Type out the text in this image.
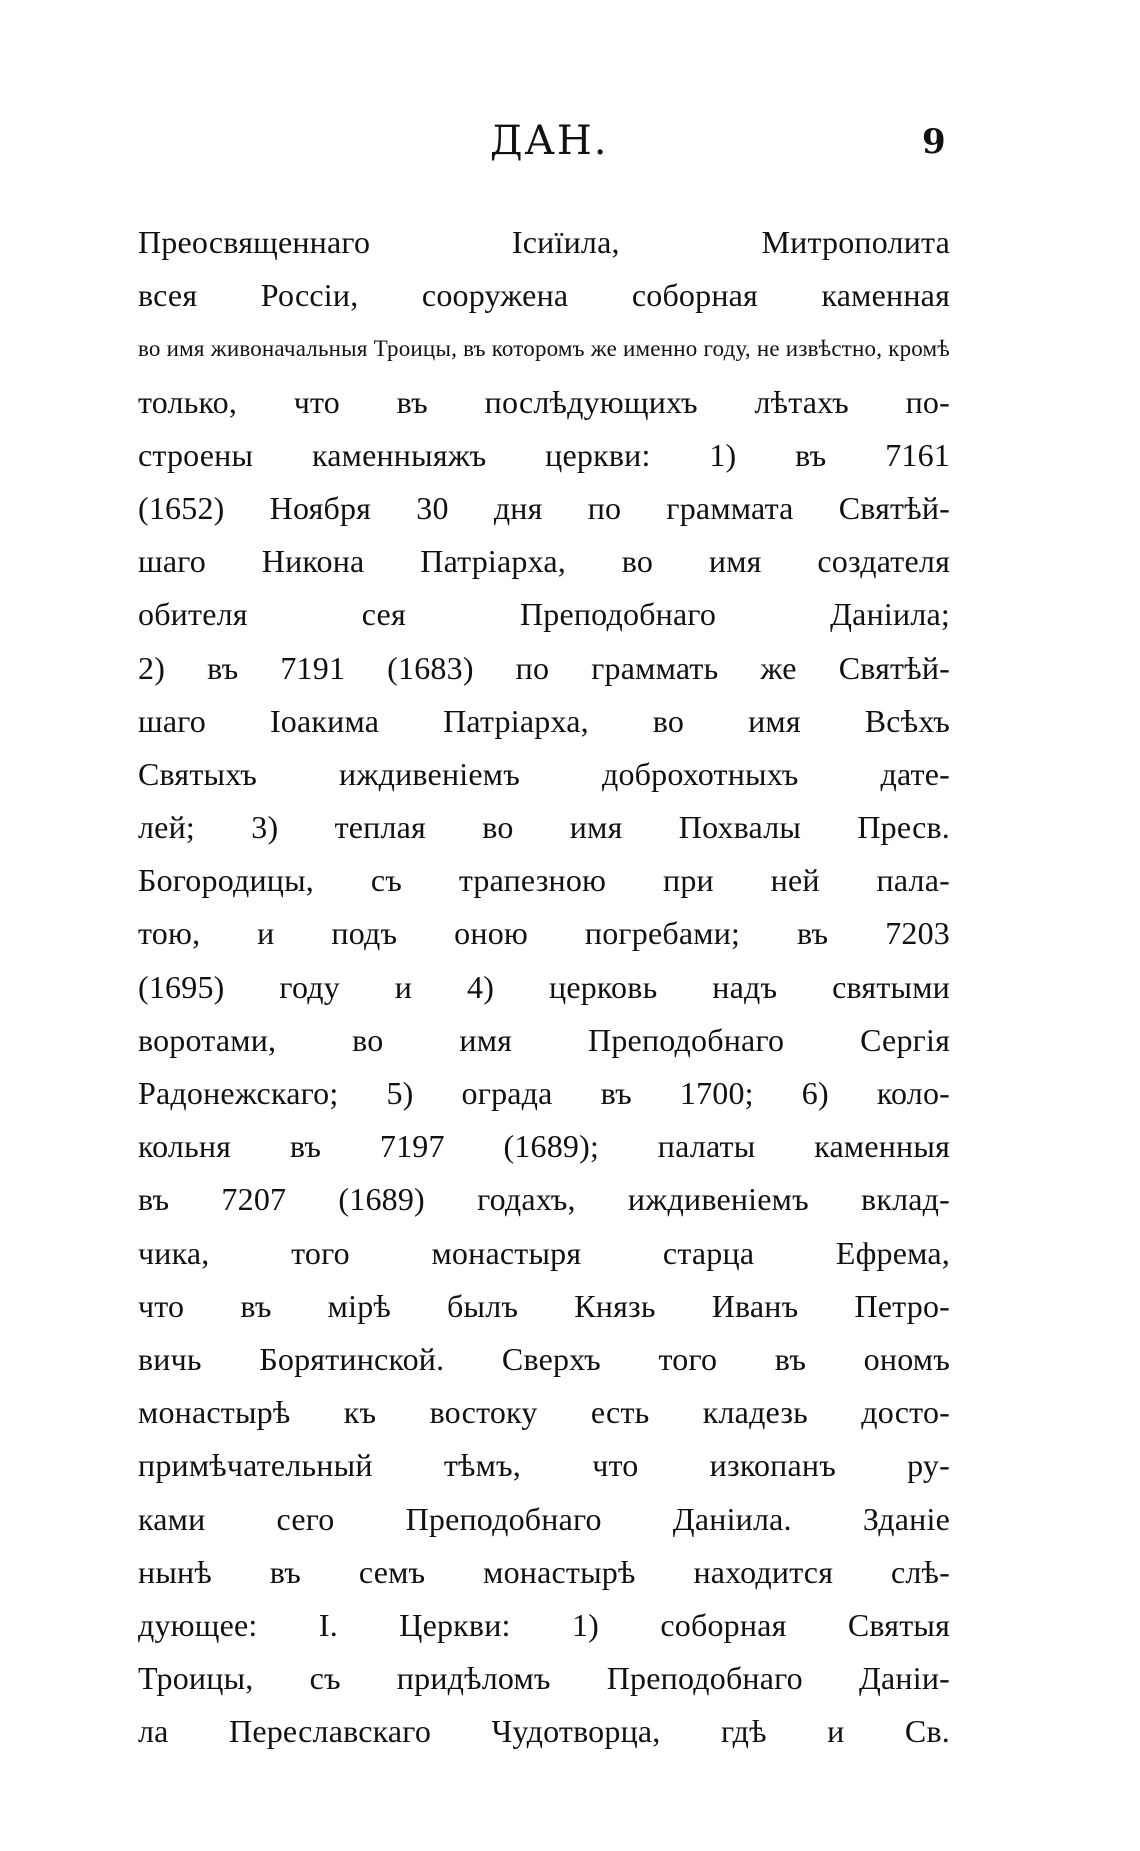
ДАН.	9
Преосвященнаго Ісиїила, Митрополита
всея Россіи, сооружена соборная каменная
во имя живоначальныя Троицы, въ которомъ же именно году, не извѣстно, кромѣ
только, что въ послѣдующихъ лѣтахъ по-
строены каменныяжъ церкви: 1) въ 7161
(1652) Ноября 30 дня по граммата Святѣй-
шаго Никона Патріарха, во имя создателя
обителя сея Преподобнаго Даніила;
2) въ 7191 (1683) по граммать же Святѣй-
шаго Іоакима Патріарха, во имя Всѣхъ
Святыхъ иждивеніемъ доброхотныхъ дате-
лей; 3) теплая во имя Похвалы Пресв.
Богородицы, съ трапезною при ней пала-
тою, и подъ оною погребами; въ 7203
(1695) году и 4) церковь надъ святыми
воротами, во имя Преподобнаго Сергія
Радонежскаго; 5) ограда въ 1700; 6) коло-
кольня въ 7197 (1689); палаты каменныя
въ 7207 (1689) годахъ, иждивеніемъ вклад-
чика, того монастыря старца Ефрема,
что въ мірѣ былъ Князь Иванъ Петро-
вичь Борятинской. Сверхъ того въ ономъ
монастырѣ къ востоку есть кладезь досто-
примѣчательный тѣмъ, что изкопанъ ру-
ками сего Преподобнаго Даніила. Зданіе
нынѣ въ семъ монастырѣ находится слѣ-
дующее: I. Церкви: 1) соборная Святыя
Троицы, съ придѣломъ Преподобнаго Даніи-
ла Переславскаго Чудотворца, гдѣ и Св.
